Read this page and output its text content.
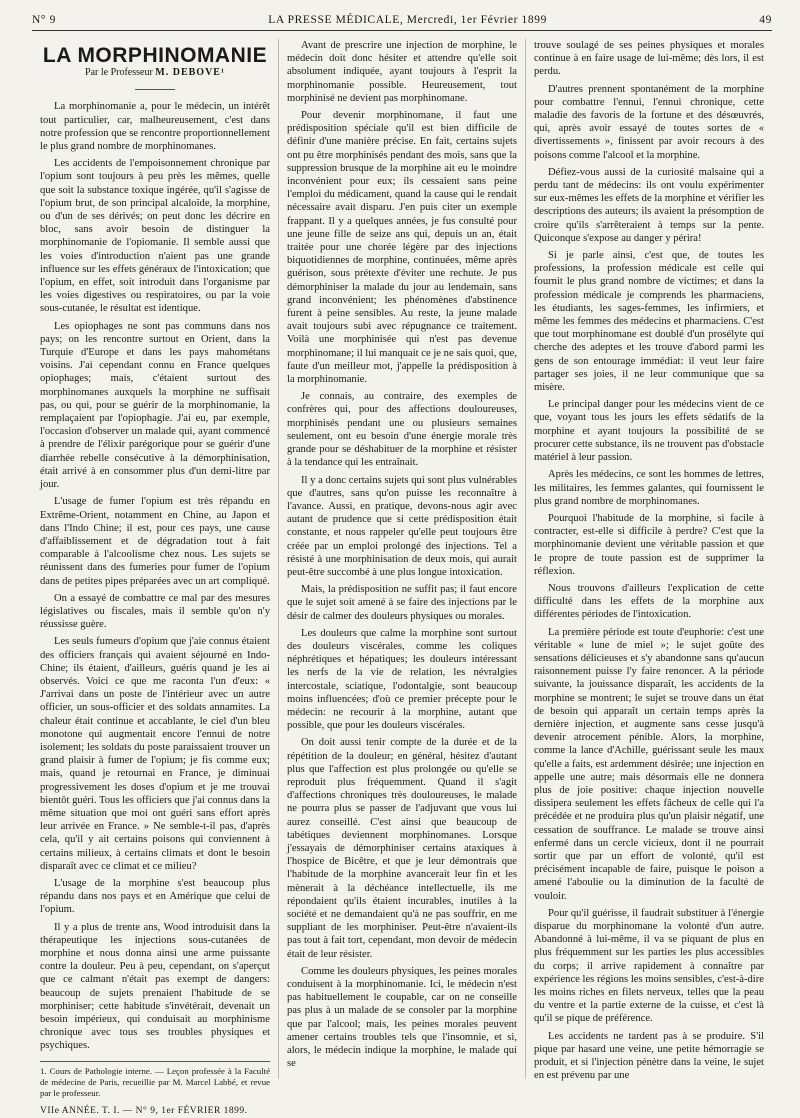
N° 9	LA PRESSE MÉDICALE, Mercredi, 1er Février 1899	49
LA MORPHINOMANIE
Par le Professeur M. DEBOVE¹

La morphinomanie a, pour le médecin, un intérêt tout particulier, car, malheureusement, c'est dans notre profession que se rencontre proportionnellement le plus grand nombre de morphinomanes.

Les accidents de l'empoisonnement chronique par l'opium sont toujours à peu près les mêmes, quelle que soit la substance toxique ingérée, qu'il s'agisse de l'opium brut, de son principal alcaloïde, la morphine, ou d'un de ses dérivés; on peut donc les décrire en bloc, sans avoir besoin de distinguer la morphinomanie de l'opiomanie. Il semble aussi que les voies d'introduction n'aient pas une grande influence sur les effets généraux de l'intoxication; que l'opium, en effet, soit introduit dans l'organisme par les voies digestives ou respiratoires, ou par la voie sous-cutanée, le résultat est identique.

Les opiophages ne sont pas communs dans nos pays; on les rencontre surtout en Orient, dans la Turquie d'Europe et dans les pays mahométans voisins. J'ai cependant connu en France quelques opiophages; mais, c'étaient surtout des morphinomanes auxquels la morphine ne suffisait pas, ou qui, pour se guérir de la morphinomanie, la remplaçaient par l'opiophagie. J'ai eu, par exemple, l'occasion d'observer un malade qui, ayant commencé à prendre de l'élixir parégorique pour se guérir d'une diarrhée rebelle consécutive à la démorphinisation, était arrivé à en consommer plus d'un demi-litre par jour.

L'usage de fumer l'opium est très répandu en Extrême-Orient, notamment en Chine, au Japon et dans l'Indo Chine; il est, pour ces pays, une cause d'affaiblissement et de dégradation tout à fait comparable à l'alcoolisme chez nous. Les sujets se réunissent dans des fumeries pour fumer de l'opium dans de petites pipes préparées avec un art compliqué.

On a essayé de combattre ce mal par des mesures législatives ou fiscales, mais il semble qu'on n'y réussisse guère.

Les seuls fumeurs d'opium que j'aie connus étaient des officiers français qui avaient séjourné en Indo-Chine; ils étaient, d'ailleurs, guéris quand je les ai observés. Voici ce que me raconta l'un d'eux: « J'arrivai dans un poste de l'intérieur avec un autre officier, un sous-officier et des soldats annamites. La chaleur était continue et accablante, le ciel d'un bleu monotone qui augmentait encore l'ennui de notre isolement; les soldats du poste paraissaient trouver un grand plaisir à fumer de l'opium; je fis comme eux; mais, quand je retournai en France, je diminuai progressivement les doses d'opium et je me trouvai bientôt guéri. Tous les officiers que j'ai connus dans la même situation que moi ont guéri sans effort après leur arrivée en France. » Ne semble-t-il pas, d'après cela, qu'il y ait certains poisons qui conviennent à certains milieux, à certains climats et dont le besoin disparaît avec ce climat et ce milieu?

L'usage de la morphine s'est beaucoup plus répandu dans nos pays et en Amérique que celui de l'opium.

Il y a plus de trente ans, Wood introduisit dans la thérapeutique les injections sous-cutanées de morphine et nous donna ainsi une arme puissante contre la douleur. Peu à peu, cependant, on s'aperçut que ce calmant n'était pas exempt de dangers: beaucoup de sujets prenaient l'habitude de se morphiniser; cette habitude s'invétérait, devenait un besoin impérieux, qui conduisait au morphinisme chronique avec tous ses troubles physiques et psychiques.

1. Cours de Pathologie interne. — Leçon professée à la Faculté de médecine de Paris, recueillie par M. Marcel Labbé, et revue par le professeur.
VIIe ANNÉE. T. I. — N° 9, 1er FÉVRIER 1899.

Avant de prescrire une injection de morphine, le médecin doit donc hésiter et attendre qu'elle soit absolument indiquée, ayant toujours à l'esprit la morphinomanie possible. Heureusement, tout morphinisé ne devient pas morphinomane.

Pour devenir morphinomane, il faut une prédisposition spéciale qu'il est bien difficile de définir d'une manière précise. En fait, certains sujets ont pu être morphinisés pendant des mois, sans que la suppression brusque de la morphine ait eu le moindre inconvénient pour eux; ils cessaient sans peine l'emploi du médicament, quand la cause qui le rendait nécessaire avait disparu. J'en puis citer un exemple frappant. Il y a quelques années, je fus consulté pour une jeune fille de seize ans qui, depuis un an, était traitée pour une chorée légère par des injections biquotidiennes de morphine, continuées, même après guérison, sous prétexte d'éviter une rechute. Je pus démorphiniser la malade du jour au lendemain, sans grand inconvénient; les phénomènes d'abstinence furent à peine sensibles. Au reste, la jeune malade avait toujours subi avec répugnance ce traitement. Voilà une morphinisée qui n'est pas devenue morphinomane; il lui manquait ce je ne sais quoi, que, faute d'un meilleur mot, j'appelle la prédisposition à la morphinomanie.

Je connais, au contraire, des exemples de confrères qui, pour des affections douloureuses, morphinisés pendant une ou plusieurs semaines seulement, ont eu besoin d'une énergie morale très grande pour se déshabituer de la morphine et résister à la tendance qui les entraînait.

Il y a donc certains sujets qui sont plus vulnérables que d'autres, sans qu'on puisse les reconnaître à l'avance. Aussi, en pratique, devons-nous agir avec autant de prudence que si cette prédisposition était constante, et nous rappeler qu'elle peut toujours être créée par un emploi prolongé des injections. Tel a résisté à une morphinisation de deux mois, qui aurait peut-être succombé à une plus longue intoxication.

Mais, la prédisposition ne suffit pas; il faut encore que le sujet soit amené à se faire des injections par le désir de calmer des douleurs physiques ou morales.

Les douleurs que calme la morphine sont surtout des douleurs viscérales, comme les coliques néphrétiques et hépatiques; les douleurs intéressant les nerfs de la vie de relation, les névralgies intercostale, sciatique, l'odontalgie, sont beaucoup moins influencées; d'où ce premier précepte pour le médecin: ne recourir à la morphine, autant que possible, que pour les douleurs viscérales.

On doit aussi tenir compte de la durée et de la répétition de la douleur; en général, hésitez d'autant plus que l'affection est plus prolongée ou qu'elle se reproduit plus fréquemment. Quand il s'agit d'affections chroniques très douloureuses, le malade ne pourra plus se passer de l'adjuvant que vous lui aurez conseillé. C'est ainsi que beaucoup de tabétiques deviennent morphinomanes. Lorsque j'essayais de démorphiniser certains ataxiques à l'hospice de Bicêtre, et que je leur démontrais que l'habitude de la morphine avancerait leur fin et les mènerait à la déchéance intellectuelle, ils me répondaient qu'ils étaient incurables, inutiles à la société et ne demandaient qu'à ne pas souffrir, en me suppliant de les morphiniser. Peut-être n'avaient-ils pas tout à fait tort, cependant, mon devoir de médecin était de leur résister.

Comme les douleurs physiques, les peines morales conduisent à la morphinomanie. Ici, le médecin n'est pas habituellement le coupable, car on ne conseille pas plus à un malade de se consoler par la morphine que par l'alcool; mais, les peines morales peuvent amener certains troubles tels que l'insomnie, et si, alors, le médecin indique la morphine, le malade qui se

trouve soulagé de ses peines physiques et morales continue à en faire usage de lui-même; dès lors, il est perdu.

D'autres prennent spontanément de la morphine pour combattre l'ennui, l'ennui chronique, cette maladie des favoris de la fortune et des désœuvrés, qui, après avoir essayé de toutes sortes de « divertissements », finissent par avoir recours à des poisons comme l'alcool et la morphine.

Défiez-vous aussi de la curiosité malsaine qui a perdu tant de médecins: ils ont voulu expérimenter sur eux-mêmes les effets de la morphine et vérifier les descriptions des auteurs; ils avaient la présomption de croire qu'ils s'arrêteraient à temps sur la pente. Quiconque s'expose au danger y périra!

Si je parle ainsi, c'est que, de toutes les professions, la profession médicale est celle qui fournit le plus grand nombre de victimes; et dans la profession médicale je comprends les pharmaciens, les étudiants, les sages-femmes, les infirmiers, et même les femmes des médecins et pharmaciens. C'est que tout morphinomane est doublé d'un prosélyte qui cherche des adeptes et les trouve d'abord parmi les gens de son entourage immédiat: il veut leur faire partager ses joies, il ne leur communique que sa misère.

Le principal danger pour les médecins vient de ce que, voyant tous les jours les effets sédatifs de la morphine et ayant toujours la possibilité de se procurer cette substance, ils ne trouvent pas d'obstacle matériel à leur passion.

Après les médecins, ce sont les hommes de lettres, les militaires, les femmes galantes, qui fournissent le plus grand nombre de morphinomanes.

Pourquoi l'habitude de la morphine, si facile à contracter, est-elle si difficile à perdre? C'est que la morphinomanie devient une véritable passion et que le propre de toute passion est de supprimer la réflexion.

Nous trouvons d'ailleurs l'explication de cette difficulté dans les effets de la morphine aux différentes périodes de l'intoxication.

La première période est toute d'euphorie: c'est une véritable « lune de miel »; le sujet goûte des sensations délicieuses et s'y abandonne sans qu'aucun raisonnement puisse l'y faire renoncer. A la période suivante, la jouissance disparaît, les accidents de la morphine se montrent; le sujet se trouve dans un état de besoin qui apparaît un certain temps après la dernière injection, et augmente sans cesse jusqu'à devenir atrocement pénible. Alors, la morphine, comme la lance d'Achille, guérissant seule les maux qu'elle a faits, est ardemment désirée; une injection en appelle une autre; mais désormais elle ne donnera plus de joie positive: chaque injection nouvelle dissipera seulement les effets fâcheux de celle qui l'a précédée et ne produira plus qu'un plaisir négatif, une cessation de souffrance. Le malade se trouve ainsi enfermé dans un cercle vicieux, dont il ne pourrait sortir que par un effort de volonté, qu'il est précisément incapable de faire, puisque le poison a amené l'aboulie ou la diminution de la faculté de vouloir.

Pour qu'il guérisse, il faudrait substituer à l'énergie disparue du morphinomane la volonté d'un autre. Abandonné à lui-même, il va se piquant de plus en plus fréquemment sur les parties les plus accessibles du corps; il arrive rapidement à connaître par expérience les régions les moins sensibles, c'est-à-dire les moins riches en filets nerveux, telles que la peau du ventre et la partie externe de la cuisse, et c'est là qu'il se pique de préférence.

Les accidents ne tardent pas à se produire. S'il pique par hasard une veine, une petite hémorragie se produit, et si l'injection pénètre dans la veine, le sujet en est prévenu par une
